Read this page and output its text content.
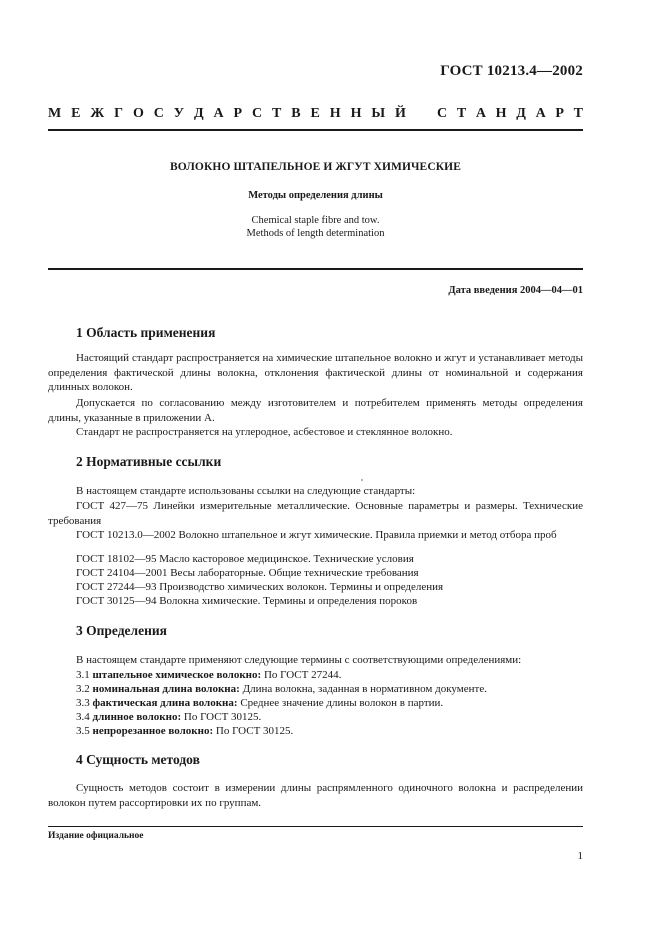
ГОСТ 10213.4—2002
М Е Ж Г О С У Д А Р С Т В Е Н Н Ы Й С Т А Н Д А Р Т
ВОЛОКНО ШТАПЕЛЬНОЕ И ЖГУТ ХИМИЧЕСКИЕ
Методы определения длины
Chemical staple fibre and tow.
Methods of length determination
Дата введения 2004—04—01
1 Область применения
Настоящий стандарт распространяется на химические штапельное волокно и жгут и устанавливает методы определения фактической длины волокна, отклонения фактической длины от номинальной и содержания длинных волокон.
Допускается по согласованию между изготовителем и потребителем применять методы определения длины, указанные в приложении А.
Стандарт не распространяется на углеродное, асбестовое и стеклянное волокно.
2 Нормативные ссылки
В настоящем стандарте использованы ссылки на следующие стандарты:
ГОСТ 427—75 Линейки измерительные металлические. Основные параметры и размеры. Технические требования
ГОСТ 10213.0—2002 Волокно штапельное и жгут химические. Правила приемки и метод отбора проб
ГОСТ 18102—95 Масло касторовое медицинское. Технические условия
ГОСТ 24104—2001 Весы лабораторные. Общие технические требования
ГОСТ 27244—93 Производство химических волокон. Термины и определения
ГОСТ 30125—94 Волокна химические. Термины и определения пороков
3 Определения
В настоящем стандарте применяют следующие термины с соответствующими определениями:
3.1 штапельное химическое волокно: По ГОСТ 27244.
3.2 номинальная длина волокна: Длина волокна, заданная в нормативном документе.
3.3 фактическая длина волокна: Среднее значение длины волокон в партии.
3.4 длинное волокно: По ГОСТ 30125.
3.5 непрорезанное волокно: По ГОСТ 30125.
4 Сущность методов
Сущность методов состоит в измерении длины распрямленного одиночного волокна и распределении волокон путем рассортировки их по группам.
Издание официальное
1
